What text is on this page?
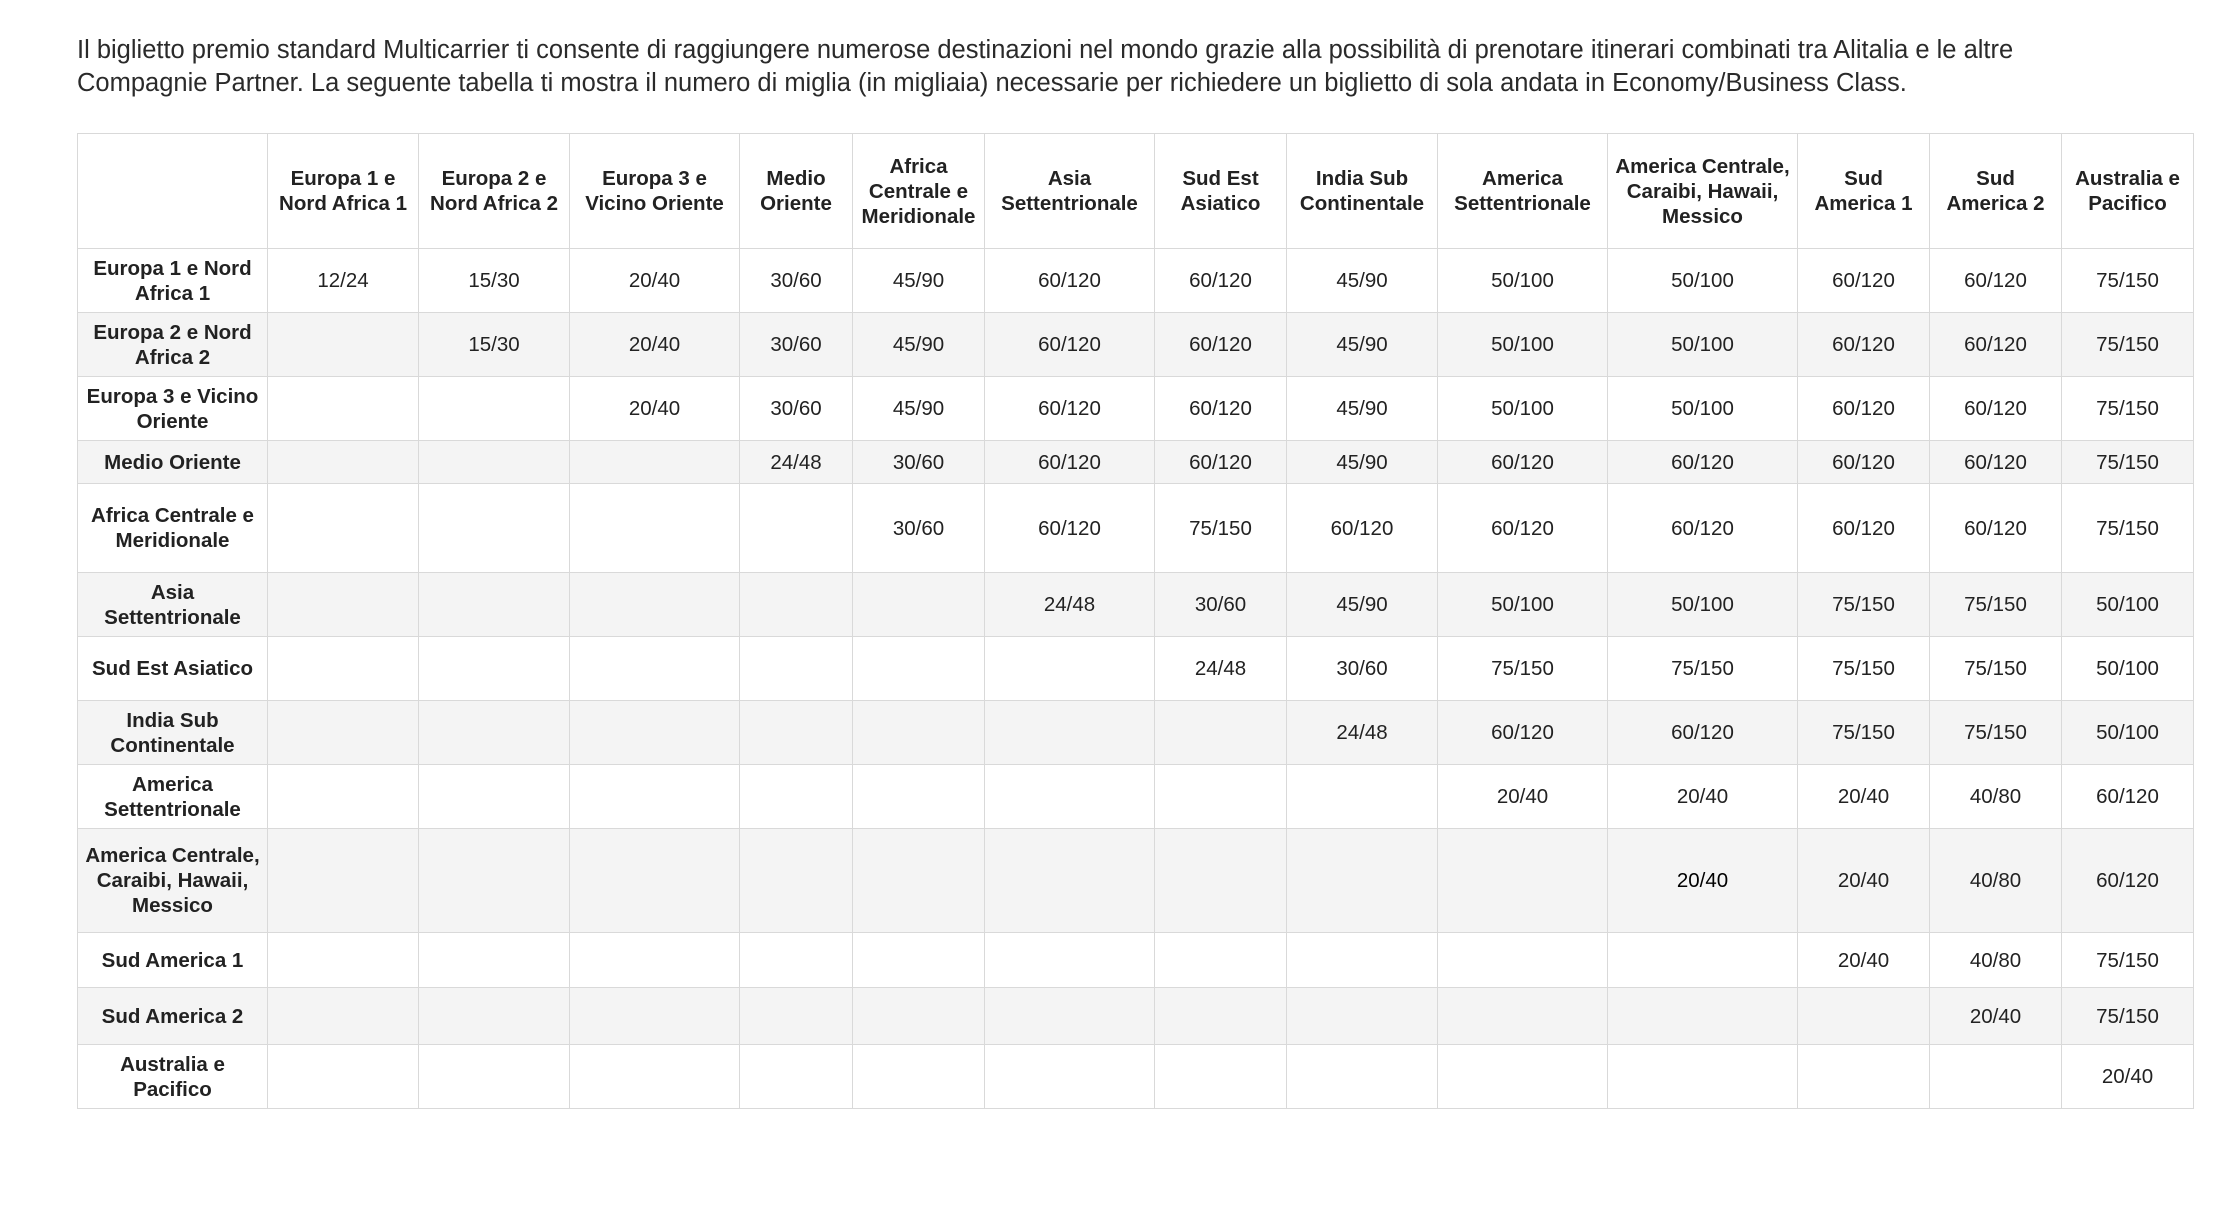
Il biglietto premio standard Multicarrier ti consente di raggiungere numerose destinazioni nel mondo grazie alla possibilità di prenotare itinerari combinati tra Alitalia e le altre
Compagnie Partner. La seguente tabella ti mostra il numero di miglia (in migliaia) necessarie per richiedere un biglietto di sola andata in Economy/Business Class.

	Europa 1 e Nord Africa 1	Europa 2 e Nord Africa 2	Europa 3 e Vicino Oriente	Medio Oriente	Africa Centrale e Meridionale	Asia Settentrionale	Sud Est Asiatico	India Sub Continentale	America Settentrionale	America Centrale, Caraibi, Hawaii, Messico	Sud America 1	Sud America 2	Australia e Pacifico
Europa 1 e Nord Africa 1	12/24	15/30	20/40	30/60	45/90	60/120	60/120	45/90	50/100	50/100	60/120	60/120	75/150
Europa 2 e Nord Africa 2		15/30	20/40	30/60	45/90	60/120	60/120	45/90	50/100	50/100	60/120	60/120	75/150
Europa 3 e Vicino Oriente			20/40	30/60	45/90	60/120	60/120	45/90	50/100	50/100	60/120	60/120	75/150
Medio Oriente				24/48	30/60	60/120	60/120	45/90	60/120	60/120	60/120	60/120	75/150
Africa Centrale e Meridionale					30/60	60/120	75/150	60/120	60/120	60/120	60/120	60/120	75/150
Asia Settentrionale						24/48	30/60	45/90	50/100	50/100	75/150	75/150	50/100
Sud Est Asiatico							24/48	30/60	75/150	75/150	75/150	75/150	50/100
India Sub Continentale								24/48	60/120	60/120	75/150	75/150	50/100
America Settentrionale									20/40	20/40	20/40	40/80	60/120
America Centrale, Caraibi, Hawaii, Messico										20/40	20/40	40/80	60/120
Sud America 1											20/40	40/80	75/150
Sud America 2												20/40	75/150
Australia e Pacifico													20/40
